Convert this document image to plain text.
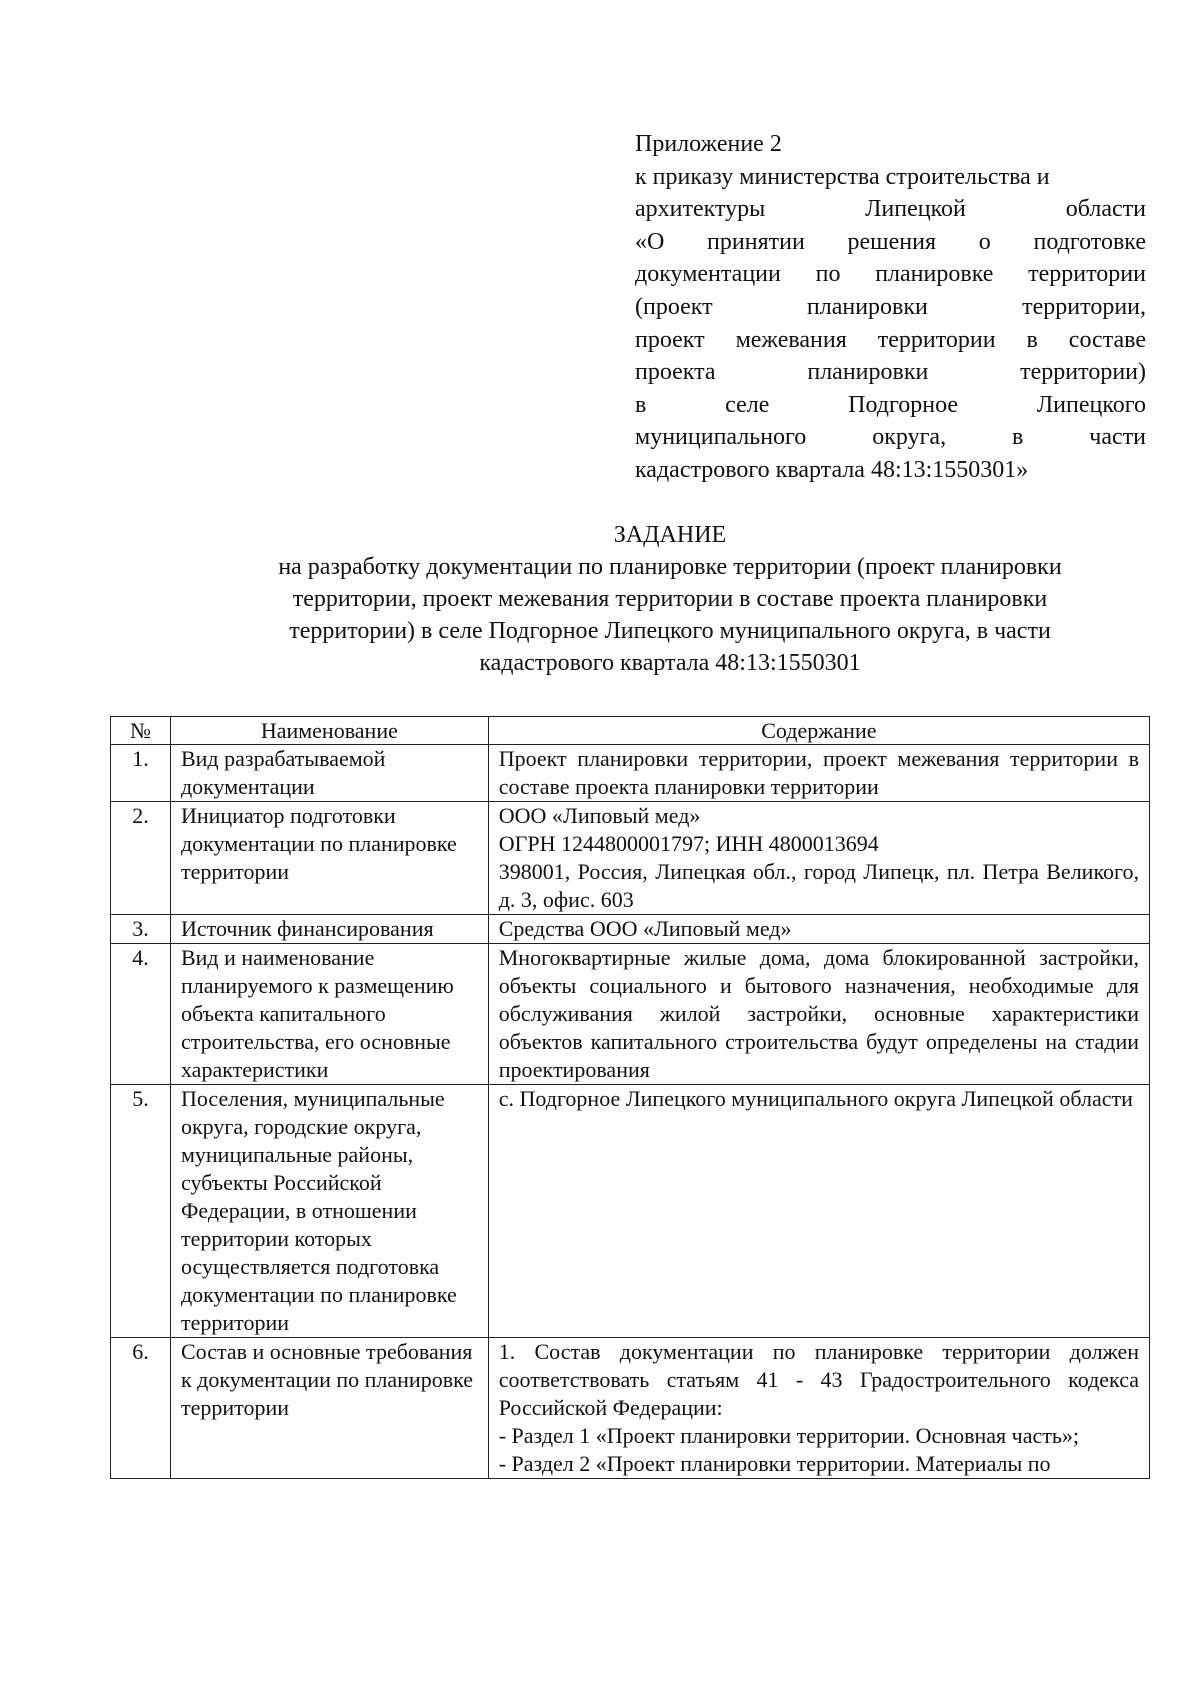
Приложение 2
к приказу министерства строительства и
архитектуры Липецкой области
«О принятии решения о подготовке
документации по планировке территории
(проект планировки территории,
проект межевания территории в составе
проекта планировки территории)
в селе Подгорное Липецкого
муниципального округа, в части
кадастрового квартала 48:13:1550301»
ЗАДАНИЕ
на разработку документации по планировке территории (проект планировки
территории, проект межевания территории в составе проекта планировки
территории) в селе Подгорное Липецкого муниципального округа, в части
кадастрового квартала 48:13:1550301
№	Наименование	Содержание
1.	Вид разрабатываемой документации	Проект планировки территории, проект межевания территории в составе проекта планировки территории

2.	Инициатор подготовки документации по планировке территории	ООО «Липовый мед»
ОГРН 1244800001797; ИНН 4800013694
398001, Россия, Липецкая обл., город Липецк, пл. Петра Великого, д. 3, офис. 603

3.	Источник финансирования	Средства ООО «Липовый мед»

4.	Вид и наименование планируемого к размещению объекта капитального строительства, его основные характеристики	Многоквартирные жилые дома, дома блокированной застройки, объекты социального и бытового назначения, необходимые для обслуживания жилой застройки, основные характеристики объектов капитального строительства будут определены на стадии проектирования

5.	Поселения, муниципальные округа, городские округа, муниципальные районы, субъекты Российской Федерации, в отношении территории которых осуществляется подготовка документации по планировке территории	с. Подгорное Липецкого муниципального округа Липецкой области

6.	Состав и основные требования к документации по планировке территории	1. Состав документации по планировке территории должен соответствовать статьям 41 - 43 Градостроительного кодекса Российской Федерации:
- Раздел 1 «Проект планировки территории. Основная часть»;
- Раздел 2 «Проект планировки территории. Материалы по
